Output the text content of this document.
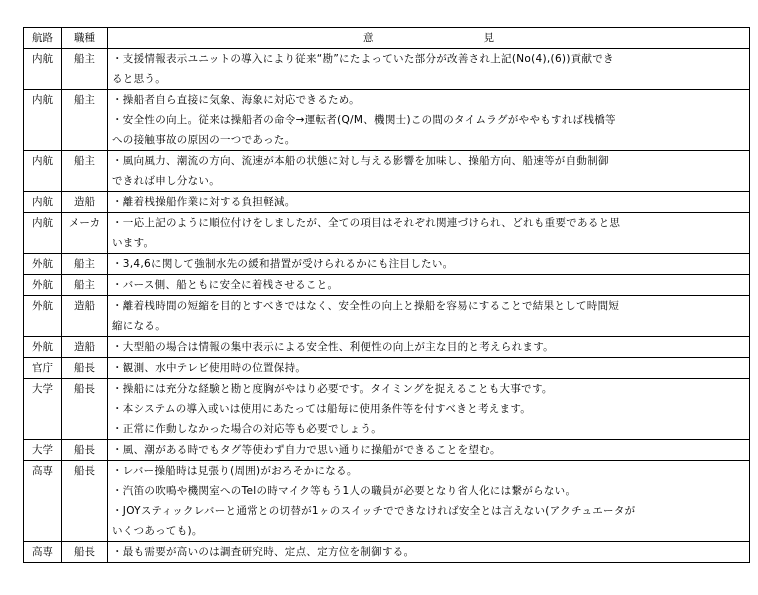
航路	職種	意 見
内航	船主	・支援情報表示ユニットの導入により従来“勘”にたよっていた部分が改善され上記(No(4),(6))貢献でき
ると思う。

内航	船主	・操船者自ら直接に気象、海象に対応できるため。
・安全性の向上。従来は操船者の命令→運転者(Q/M、機関士)この間のタイムラグがややもすれば桟橋等
への接触事故の原因の一つであった。

内航	船主	・風向風力、潮流の方向、流速が本船の状態に対し与える影響を加味し、操船方向、船速等が自動制御
できれば申し分ない。

内航	造船	・離着桟操船作業に対する負担軽減。

内航	メーカ	・一応上記のように順位付けをしましたが、全ての項目はそれぞれ関連づけられ、どれも重要であると思
います。

外航	船主	・3,4,6に関して強制水先の緩和措置が受けられるかにも注目したい。

外航	船主	・バース側、船ともに安全に着桟させること。

外航	造船	・離着桟時間の短縮を目的とすべきではなく、安全性の向上と操船を容易にすることで結果として時間短
縮になる。

外航	造船	・大型船の場合は情報の集中表示による安全性、利便性の向上が主な目的と考えられます。

官庁	船長	・観測、水中テレビ使用時の位置保持。

大学	船長	・操船には充分な経験と勘と度胸がやはり必要です。タイミングを捉えることも大事です。
・本システムの導入或いは使用にあたっては船毎に使用条件等を付すべきと考えます。
・正常に作動しなかった場合の対応等も必要でしょう。

大学	船長	・風、潮がある時でもタグ等使わず自力で思い通りに操船ができることを望む。

高専	船長	・レバー操船時は見張り(周囲)がおろそかになる。
・汽笛の吹鳴や機関室へのTelの時マイク等もう1人の職員が必要となり省人化には繋がらない。
・JOYスティックレバーと通常との切替が1ヶのスイッチでできなければ安全とは言えない(アクチュエータが
いくつあっても)。

高専	船長	・最も需要が高いのは調査研究時、定点、定方位を制御する。
